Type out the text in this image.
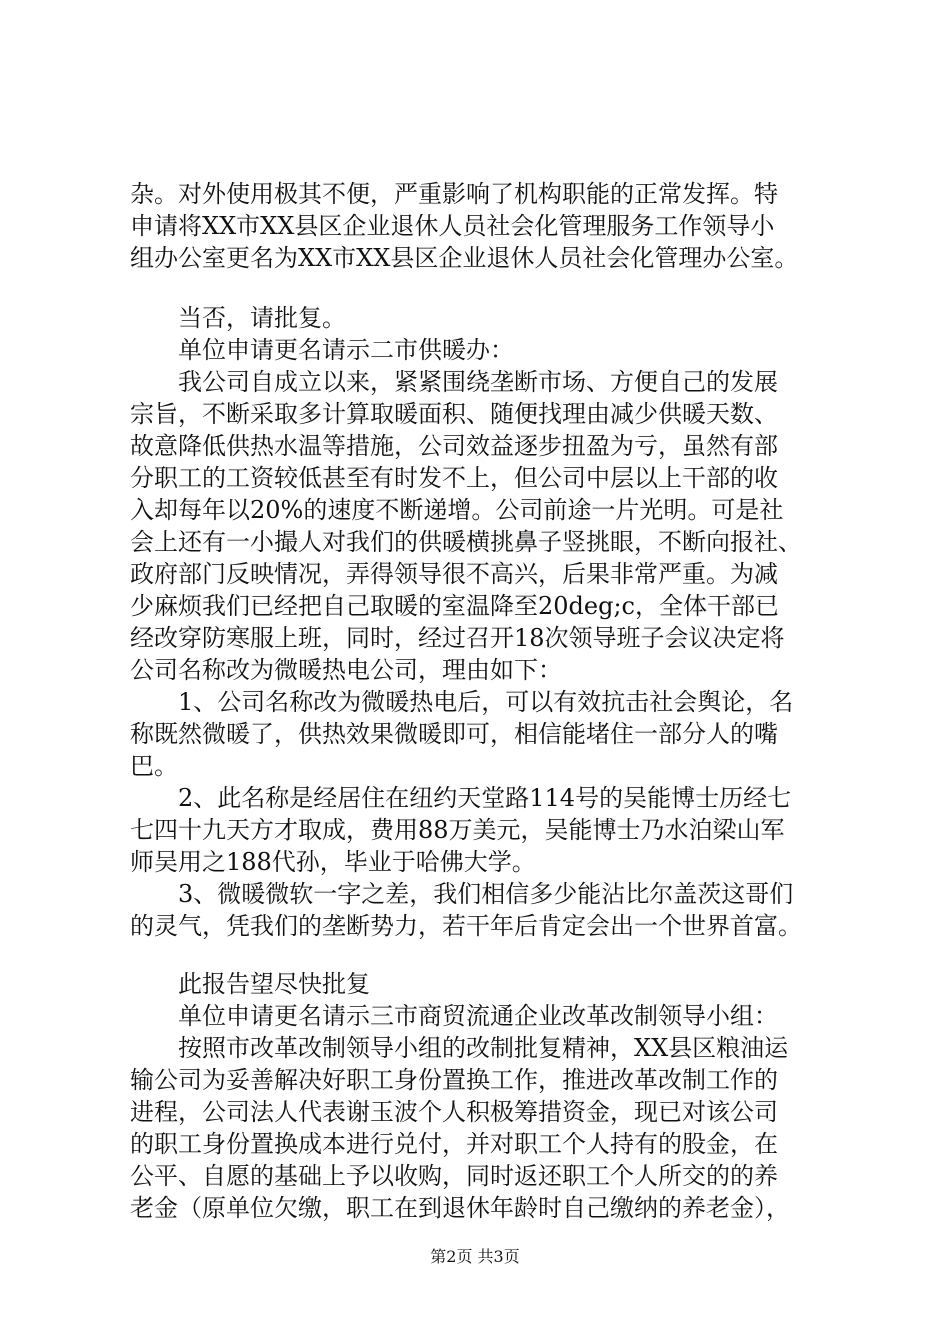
杂。对外使用极其不便，严重影响了机构职能的正常发挥。特
申请将XX市XX县区企业退休人员社会化管理服务工作领导小
组办公室更名为XX市XX县区企业退休人员社会化管理办公室。
当否，请批复。
单位申请更名请示二市供暖办：
我公司自成立以来，紧紧围绕垄断市场、方便自己的发展
宗旨，不断采取多计算取暖面积、随便找理由减少供暖天数、
故意降低供热水温等措施，公司效益逐步扭盈为亏，虽然有部
分职工的工资较低甚至有时发不上，但公司中层以上干部的收
入却每年以20%的速度不断递增。公司前途一片光明。可是社
会上还有一小撮人对我们的供暖横挑鼻子竖挑眼，不断向报社、
政府部门反映情况，弄得领导很不高兴，后果非常严重。为减
少麻烦我们已经把自己取暖的室温降至20deg;c，全体干部已
经改穿防寒服上班，同时，经过召开18次领导班子会议决定将
公司名称改为微暖热电公司，理由如下：
1、公司名称改为微暖热电后，可以有效抗击社会舆论，名
称既然微暖了，供热效果微暖即可，相信能堵住一部分人的嘴
巴。
2、此名称是经居住在纽约天堂路114号的吴能博士历经七
七四十九天方才取成，费用88万美元，吴能博士乃水泊梁山军
师吴用之188代孙，毕业于哈佛大学。
3、微暖微软一字之差，我们相信多少能沾比尔盖茨这哥们
的灵气，凭我们的垄断势力，若干年后肯定会出一个世界首富。
此报告望尽快批复
单位申请更名请示三市商贸流通企业改革改制领导小组：
按照市改革改制领导小组的改制批复精神，XX县区粮油运
输公司为妥善解决好职工身份置换工作，推进改革改制工作的
进程，公司法人代表谢玉波个人积极筹措资金，现已对该公司
的职工身份置换成本进行兑付，并对职工个人持有的股金，在
公平、自愿的基础上予以收购，同时返还职工个人所交的的养
老金（原单位欠缴，职工在到退休年龄时自己缴纳的养老金），
第2页 共3页
